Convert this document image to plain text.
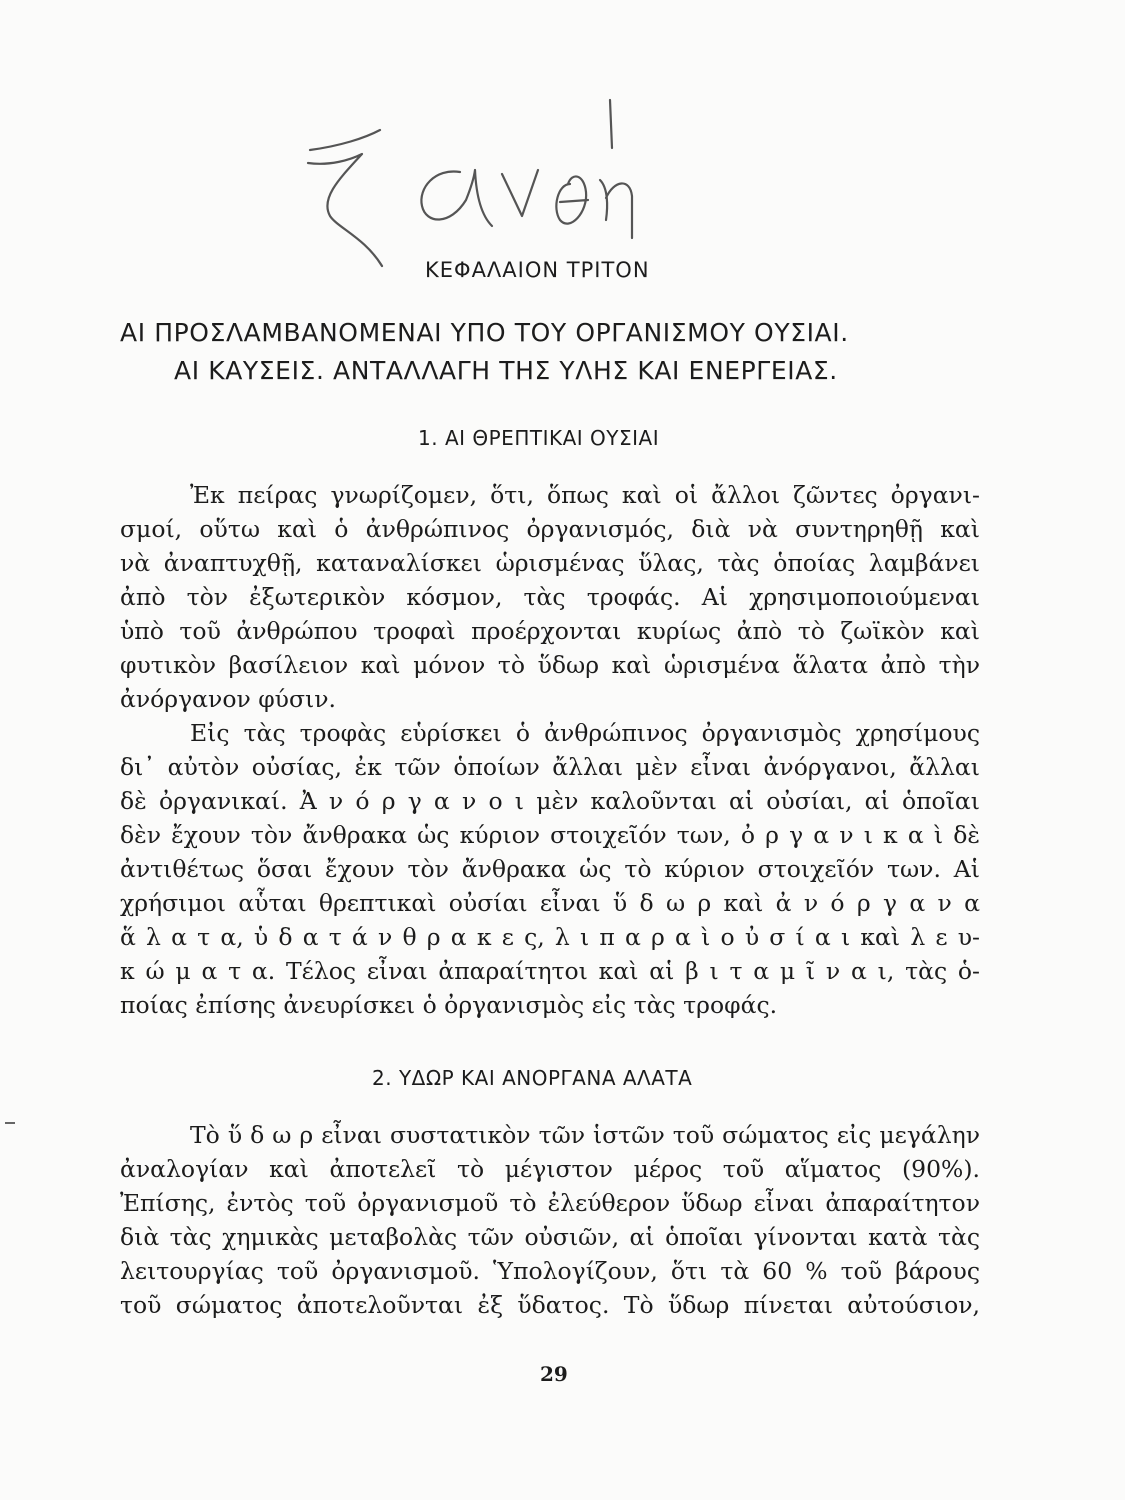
ΚΕΦΑΛΑΙΟΝ ΤΡΙΤΟΝ
ΑΙ ΠΡΟΣΛΑΜΒΑΝΟΜΕΝΑΙ ΥΠΟ ΤΟΥ ΟΡΓΑΝΙΣΜΟΥ ΟΥΣΙΑΙ.
ΑΙ ΚΑΥΣΕΙΣ. ΑΝΤΑΛΛΑΓΗ ΤΗΣ ΥΛΗΣ ΚΑΙ ΕΝΕΡΓΕΙΑΣ.
1. ΑΙ ΘΡΕΠΤΙΚΑΙ ΟΥΣΙΑΙ
Ἐκ πείρας γνωρίζομεν, ὅτι, ὅπως καὶ οἱ ἄλλοι ζῶντες ὀργανι-
σμοί, οὕτω καὶ ὁ ἀνθρώπινος ὀργανισμός, διὰ νὰ συντηρηθῇ καὶ
νὰ ἀναπτυχθῇ, καταναλίσκει ὡρισμένας ὕλας, τὰς ὁποίας λαμβάνει
ἀπὸ τὸν ἐξωτερικὸν κόσμον, τὰς τροφάς. Αἱ χρησιμοποιούμεναι
ὑπὸ τοῦ ἀνθρώπου τροφαὶ προέρχονται κυρίως ἀπὸ τὸ ζωϊκὸν καὶ
φυτικὸν βασίλειον καὶ μόνον τὸ ὕδωρ καὶ ὡρισμένα ἅλατα ἀπὸ τὴν
ἀνόργανον φύσιν.
Εἰς τὰς τροφὰς εὑρίσκει ὁ ἀνθρώπινος ὀργανισμὸς χρησίμους
δι᾽ αὐτὸν οὐσίας, ἐκ τῶν ὁποίων ἄλλαι μὲν εἶναι ἀνόργανοι, ἄλλαι
δὲ ὀργανικαί. Ἀ ν ό ρ γ α ν ο ι μὲν καλοῦνται αἱ οὐσίαι, αἱ ὁποῖαι
δὲν ἔχουν τὸν ἄνθρακα ὡς κύριον στοιχεῖόν των, ὀ ρ γ α ν ι κ α ὶ δὲ
ἀντιθέτως ὅσαι ἔχουν τὸν ἄνθρακα ὡς τὸ κύριον στοιχεῖόν των. Αἱ
χρήσιμοι αὗται θρεπτικαὶ οὐσίαι εἶναι ὕ δ ω ρ καὶ ἀ ν ό ρ γ α ν α
ἅ λ α τ α, ὑ δ α τ ά ν θ ρ α κ ε ς, λ ι π α ρ α ὶ ο ὐ σ ί α ι καὶ λ ε υ-
κ ώ μ α τ α. Τέλος εἶναι ἀπαραίτητοι καὶ αἱ β ι τ α μ ῖ ν α ι, τὰς ὁ-
ποίας ἐπίσης ἀνευρίσκει ὁ ὀργανισμὸς εἰς τὰς τροφάς.
2. ΥΔΩΡ ΚΑΙ ΑΝΟΡΓΑΝΑ ΑΛΑΤΑ
Τὸ ὕ δ ω ρ εἶναι συστατικὸν τῶν ἱστῶν τοῦ σώματος εἰς μεγάλην
ἀναλογίαν καὶ ἀποτελεῖ τὸ μέγιστον μέρος τοῦ αἵματος (90%).
Ἐπίσης, ἐντὸς τοῦ ὀργανισμοῦ τὸ ἐλεύθερον ὕδωρ εἶναι ἀπαραίτητον
διὰ τὰς χημικὰς μεταβολὰς τῶν οὐσιῶν, αἱ ὁποῖαι γίνονται κατὰ τὰς
λειτουργίας τοῦ ὀργανισμοῦ. Ὑπολογίζουν, ὅτι τὰ 60 % τοῦ βάρους
τοῦ σώματος ἀποτελοῦνται ἐξ ὕδατος. Τὸ ὕδωρ πίνεται αὐτούσιον,
29
